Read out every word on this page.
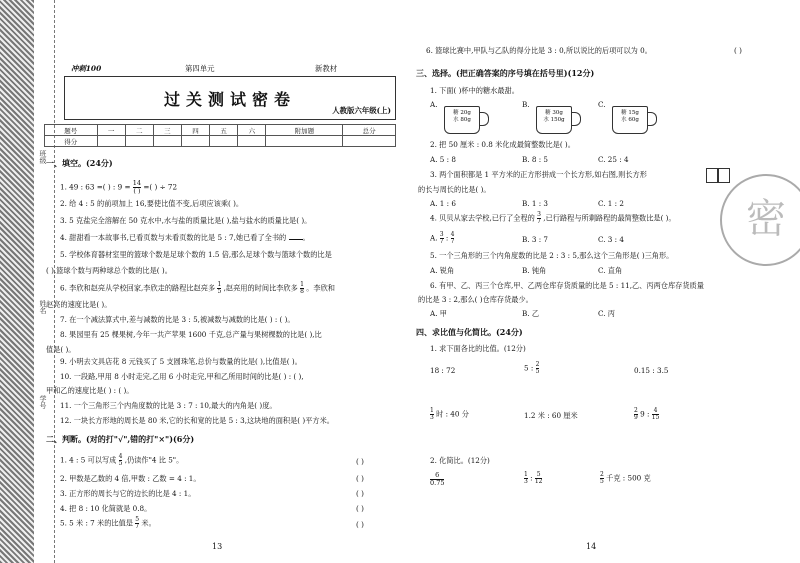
班级
学号
姓名
冲刺100	第四单元	新教材
过关测试密卷
人教版六年级(上)
题号	一	二	三	四	五	六	附加题	总分
得分								
一、填空。(24分)
1. 49 : 63 =( ) : 9 = 14
( ) =( ) ÷ 72
2. 给 4 : 5 的前项加上 16,要使比值不变,后项应该乘( )。
3. 5 克盐完全溶解在 50 克水中,水与盐的质量比是( ),盐与盐水的质量比是( )。
4. 甜甜看一本故事书,已看页数与未看页数的比是 5 : 7,她已看了全书的 。
5. 学校体育器材室里的篮球个数是足球个数的 1.5 倍,那么足球个数与篮球个数的比是
( ),篮球个数与两种球总个数的比是( )。
6. 李欣和赵亮从学校回家,李欣走的路程比赵亮多 $\frac{1}{5}$ ,赵亮用的时间比李欣多 $\frac{1}{8}$ 。李欣和
赵亮的速度比是( )。
7. 在一个减法算式中,差与减数的比是 3 : 5,被减数与减数的比是( ) : ( )。
8. 果园里有 25 棵果树,今年一共产苹果 1600 千克,总产量与果树棵数的比是( ),比
值是( )。
9. 小明去文具店花 8 元钱买了 5 支圆珠笔,总价与数量的比是( ),比值是( )。
10. 一段路,甲用 8 小时走完,乙用 6 小时走完,甲和乙所用时间的比是( ) : ( ),
甲和乙的速度比是( ) : ( )。
11. 一个三角形三个内角度数的比是 3 : 7 : 10,最大的内角是( )度。
12. 一块长方形地的周长是 80 米,它的长和宽的比是 5 : 3,这块地的面积是( )平方米。
二、判断。(对的打"√",错的打"×")(6分)
1. 4 : 5 可以写成 $\frac{4}{5}$ ,仍读作"4 比 5"。
2. 甲数是乙数的 4 倍,甲数 : 乙数 = 4 : 1。
3. 正方形的周长与它的边长的比是 4 : 1。
4. 把 8 : 10 化简就是 0.8。
5. 5 米 : 7 米的比值是 $\frac{5}{7}$ 米。
( )
( )
( )
( )
( )
13
6. 篮球比赛中,甲队与乙队的得分比是 3 : 0,所以说比的后项可以为 0。	( )
三、选择。(把正确答案的序号填在括号里)(12分)
1. 下面( )杯中的糖水最甜。
A.
糖 20g
水 80g
B.
糖 30g
水 150g
C.
糖 15g
水 60g
2. 把 50 厘米 : 0.8 米化成最简整数比是( )。
A. 5 : 8	B. 8 : 5	C. 25 : 4
3. 两个面积都是 1 平方米的正方形拼成一个长方形,如右图,则长方形
的长与周长的比是( )。
A. 1 : 6	B. 1 : 3	C. 1 : 2
4. 贝贝从家去学校,已行了全程的 $\frac{3}{7}$ ,已行路程与所剩路程的最简整数比是( )。
A. $\frac{3}{7}$ : $\frac{4}{7}$	B. 3 : 7	C. 3 : 4
5. 一个三角形的三个内角度数的比是 2 : 3 : 5,那么这个三角形是( )三角形。
A. 锐角	B. 钝角	C. 直角
6. 有甲、乙、丙三个仓库,甲、乙两仓库存货质量的比是 5 : 11,乙、丙两仓库存货质量
的比是 3 : 2,那么( )仓库存货最少。
A. 甲	B. 乙	C. 丙
四、求比值与化简比。(24分)
1. 求下面各比的比值。(12分)
18 : 72	5 : $\frac{2}{5}$	0.15 : 3.5
$\frac{1}{3}$ 时 : 40 分	1.2 米 : 60 厘米	$\frac{2}{9} 9$ : $\frac{4}{15}$
2. 化简比。(12分)
$\frac{6}{0.75}$	$\frac{1}{3}$ : $\frac{5}{12}$	$\frac{2}{5}$ 千克 : 500 克
14
密
